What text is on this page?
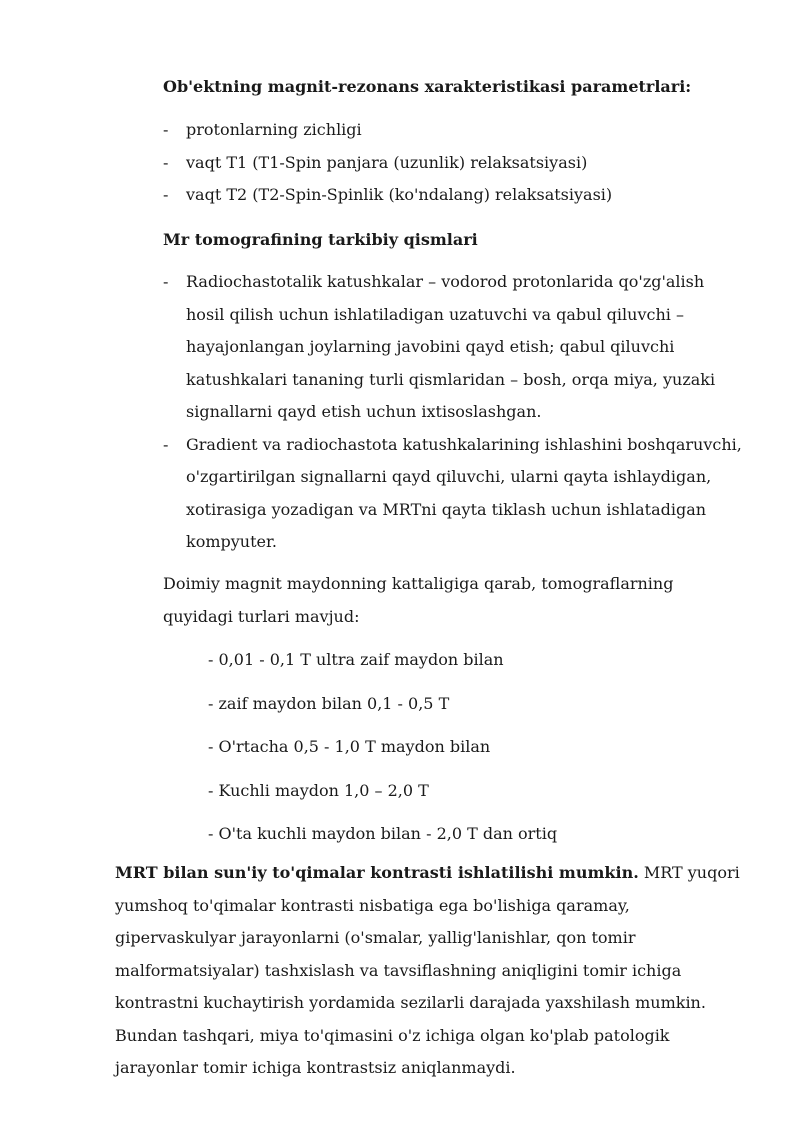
Ob'ektning magnit-rezonans xarakteristikasi parametrlari:
- protonlarning zichligi
- vaqt T1 (T1-Spin panjara (uzunlik) relaksatsiyasi)
- vaqt T2 (T2-Spin-Spinlik (ko'ndalang) relaksatsiyasi)
Mr tomografining tarkibiy qismlari
- Radiochastotalik katushkalar – vodorod protonlarida qo'zg'alish hosil qilish uchun ishlatiladigan uzatuvchi va qabul qiluvchi – hayajonlangan joylarning javobini qayd etish; qabul qiluvchi katushkalari tananing turli qismlaridan – bosh, orqa miya, yuzaki signallarni qayd etish uchun ixtisoslashgan.
- Gradient va radiochastota katushkalarining ishlashini boshqaruvchi, o'zgartirilgan signallarni qayd qiluvchi, ularni qayta ishlaydigan, xotirasiga yozadigan va MRTni qayta tiklash uchun ishlatadigan kompyuter.
Doimiy magnit maydonning kattaligiga qarab, tomograflarning quyidagi turlari mavjud:
- 0,01 - 0,1 T ultra zaif maydon bilan
- zaif maydon bilan 0,1 - 0,5 T
- O'rtacha 0,5 - 1,0 T maydon bilan
- Kuchli maydon 1,0 – 2,0 T
- O'ta kuchli maydon bilan - 2,0 T dan ortiq

MRT bilan sun'iy to'qimalar kontrasti ishlatilishi mumkin. MRT yuqori yumshoq to'qimalar kontrasti nisbatiga ega bo'lishiga qaramay, gipervaskulyar jarayonlarni (o'smalar, yallig'lanishlar, qon tomir malformatsiyalar) tashxislash va tavsiflashning aniqligini tomir ichiga kontrastni kuchaytirish yordamida sezilarli darajada yaxshilash mumkin. Bundan tashqari, miya to'qimasini o'z ichiga olgan ko'plab patologik jarayonlar tomir ichiga kontrastsiz aniqlanmaydi.
